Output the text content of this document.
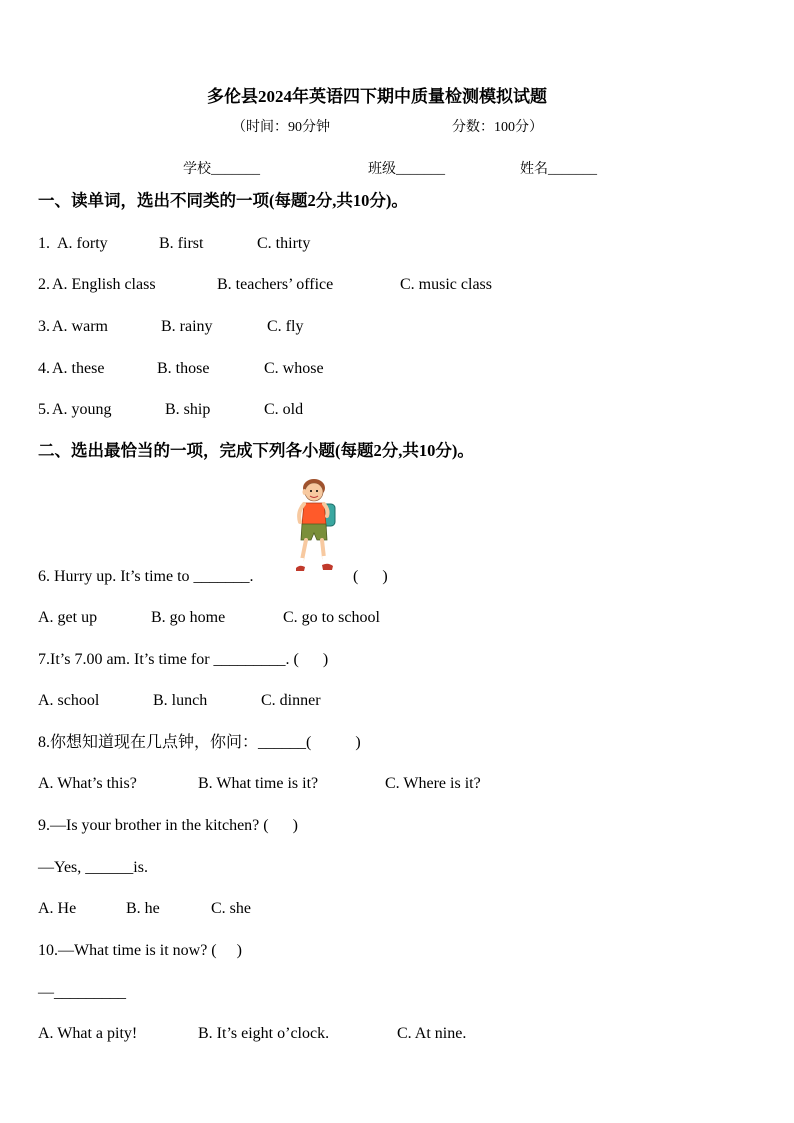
多伦县2024年英语四下期中质量检测模拟试题
（时间：90分钟	分数：100分）
学校_______	班级_______	姓名_______
一、读单词，选出不同类的一项(每题2分,共10分)。
1. A. forty	B. first	C. thirty
2. A. English class	B. teachers’ office	C. music class
3. A. warm	B. rainy	C. fly
4. A. these	B. those	C. whose
5. A. young	B. ship	C. old
二、选出最恰当的一项，完成下列各小题(每题2分,共10分)。
6. Hurry up. It’s time to _______.	(      )
A. get up	B. go home	C. go to school
7.It’s 7.00 am. It’s time for _________. (      )
A. school	B. lunch	C. dinner
8.你想知道现在几点钟，你问：______(           )
A. What’s this?	B. What time is it?	C. Where is it?
9.—Is your brother in the kitchen? (      )
—Yes, ______is.
A. He	B. he	C. she
10.—What time is it now? (     )
—_________
A. What a pity!	B. It’s eight o’clock.	C. At nine.
